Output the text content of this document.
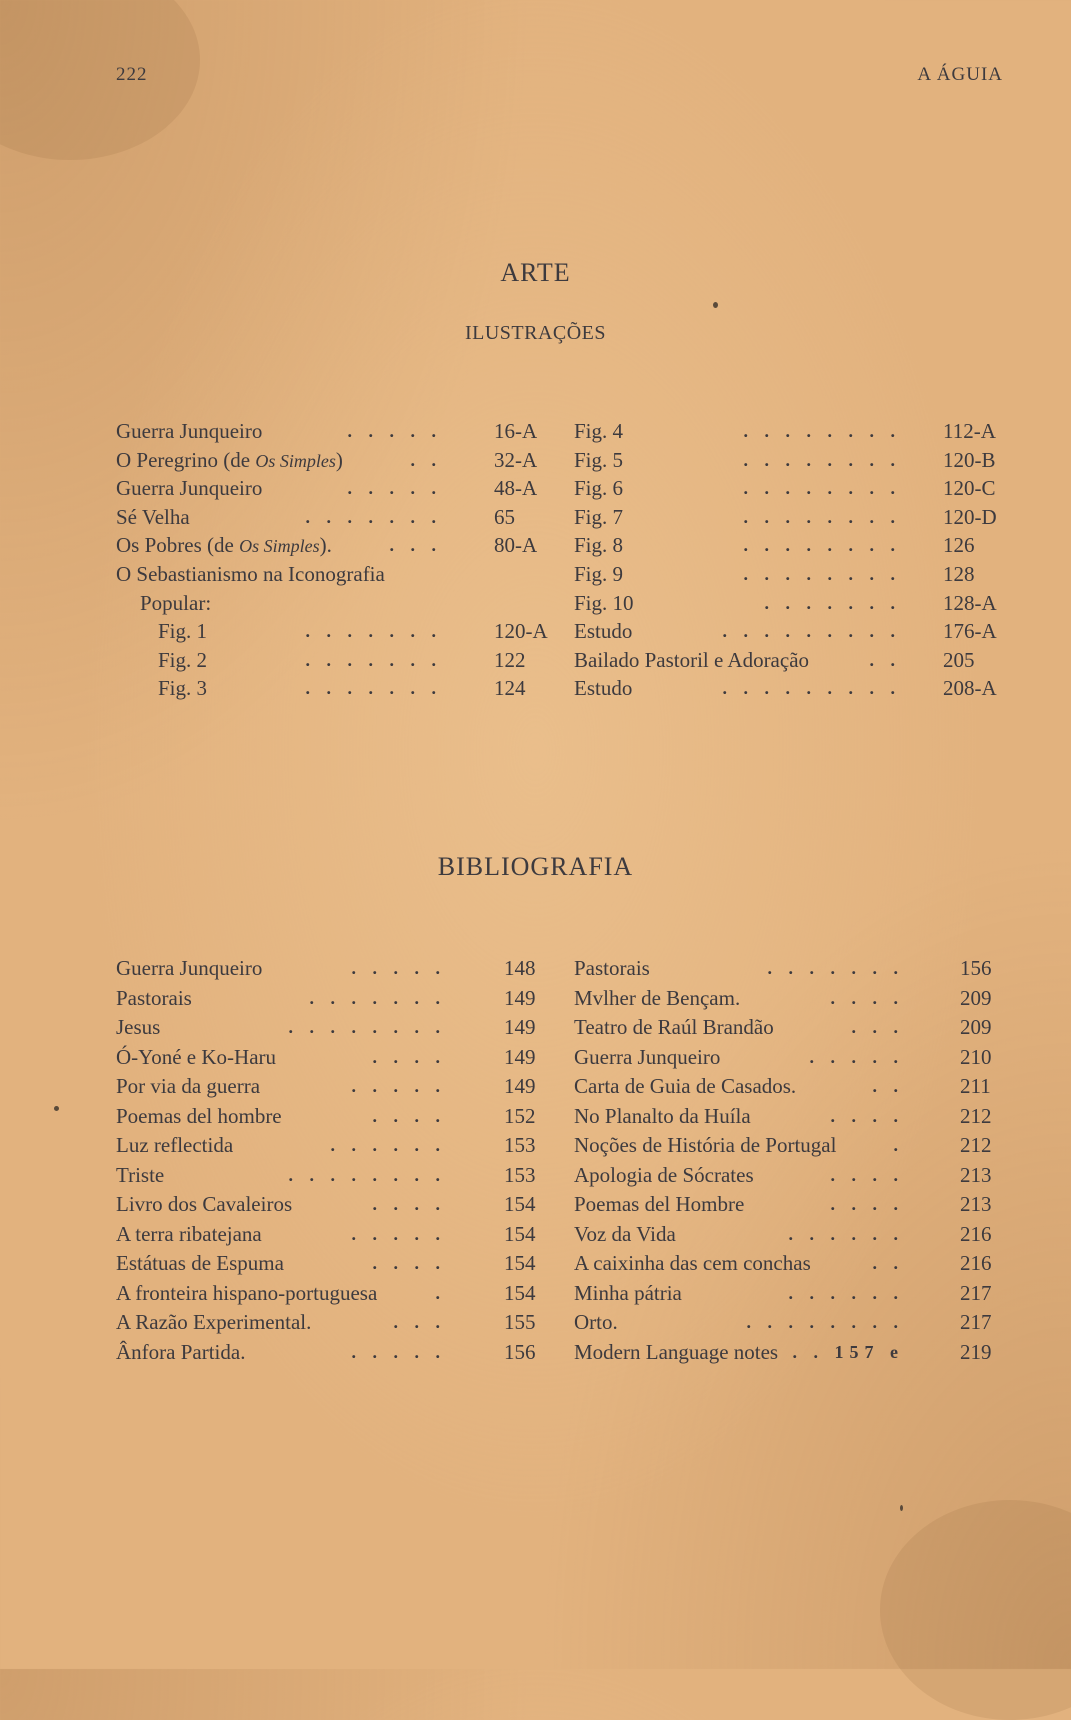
222	A ÁGUIA
ARTE
ILUSTRAÇÕES
Guerra Junqueiro	. . . . . 16-A
O Peregrino (de Os Simples)	. . 32-A
Guerra Junqueiro	. . . . . 48-A
Sé Velha	. . . . . . . 65
Os Pobres (de Os Simples).	. . . 80-A
O Sebastianismo na Iconografia
Popular:
Fig. 1	. . . . . . . 120-A
Fig. 2	. . . . . . . 122
Fig. 3	. . . . . . . 124
Fig. 4	. . . . . . . . 112-A
Fig. 5	. . . . . . . . 120-B
Fig. 6	. . . . . . . . 120-C
Fig. 7	. . . . . . . . 120-D
Fig. 8	. . . . . . . . 126
Fig. 9	. . . . . . . . 128
Fig. 10	. . . . . . . 128-A
Estudo	. . . . . . . . . 176-A
Bailado Pastoril e Adoração	. . 205
Estudo	. . . . . . . . . 208-A
BIBLIOGRAFIA
Guerra Junqueiro	. . . . .	148
Pastorais	. . . . . . .	149
Jesus	. . . . . . . .	149
Ó-Yoné e Ko-Haru	. . . .	149
Por via da guerra	. . . . .	149
Poemas del hombre	. . . .	152
Luz reflectida	. . . . . .	153
Triste	. . . . . . . .	153
Livro dos Cavaleiros	. . . .	154
A terra ribatejana	. . . . .	154
Estátuas de Espuma	. . . .	154
A fronteira hispano-portuguesa	.	154
A Razão Experimental.	. . .	155
Ânfora Partida.	. . . . .	156
Pastorais	. . . . . . .	156
Mvlher de Bençam.	. . . .	209
Teatro de Raúl Brandão	. . .	209
Guerra Junqueiro	. . . . .	210
Carta de Guia de Casados.	. .	211
No Planalto da Huíla	. . . .	212
Noções de História de Portugal	.	212
Apologia de Sócrates	. . . .	213
Poemas del Hombre	. . . .	213
Voz da Vida	. . . . . .	216
A caixinha das cem conchas	. .	216
Minha pátria	. . . . . .	217
Orto.	. . . . . . . .	217
Modern Language notes . . 157 e	219
